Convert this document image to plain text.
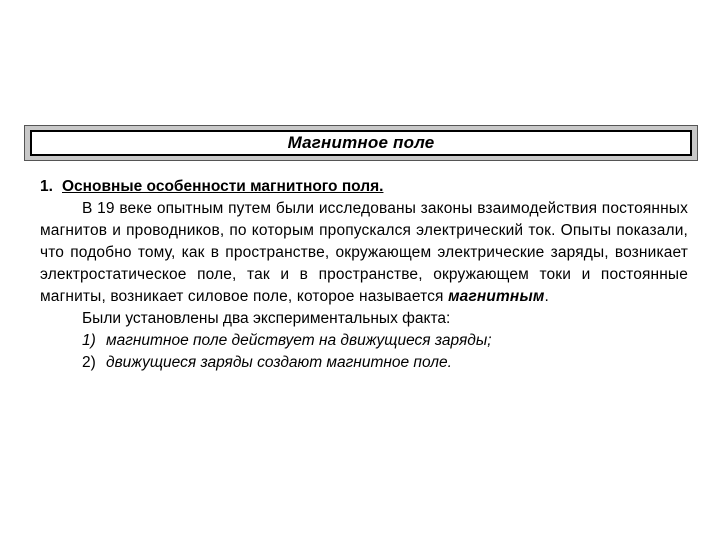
Магнитное поле

1. Основные особенности магнитного поля.

В 19 веке опытным путем были исследованы законы взаимодействия постоянных магнитов и проводников, по которым пропускался электрический ток. Опыты показали, что подобно тому, как в пространстве, окружающем электрические заряды, возникает электростатическое поле, так и в пространстве, окружающем токи и постоянные магниты, возникает силовое поле, которое называется магнитным.

Были установлены два экспериментальных факта:

1) магнитное поле действует на движущиеся заряды;

2) движущиеся заряды создают магнитное поле.
